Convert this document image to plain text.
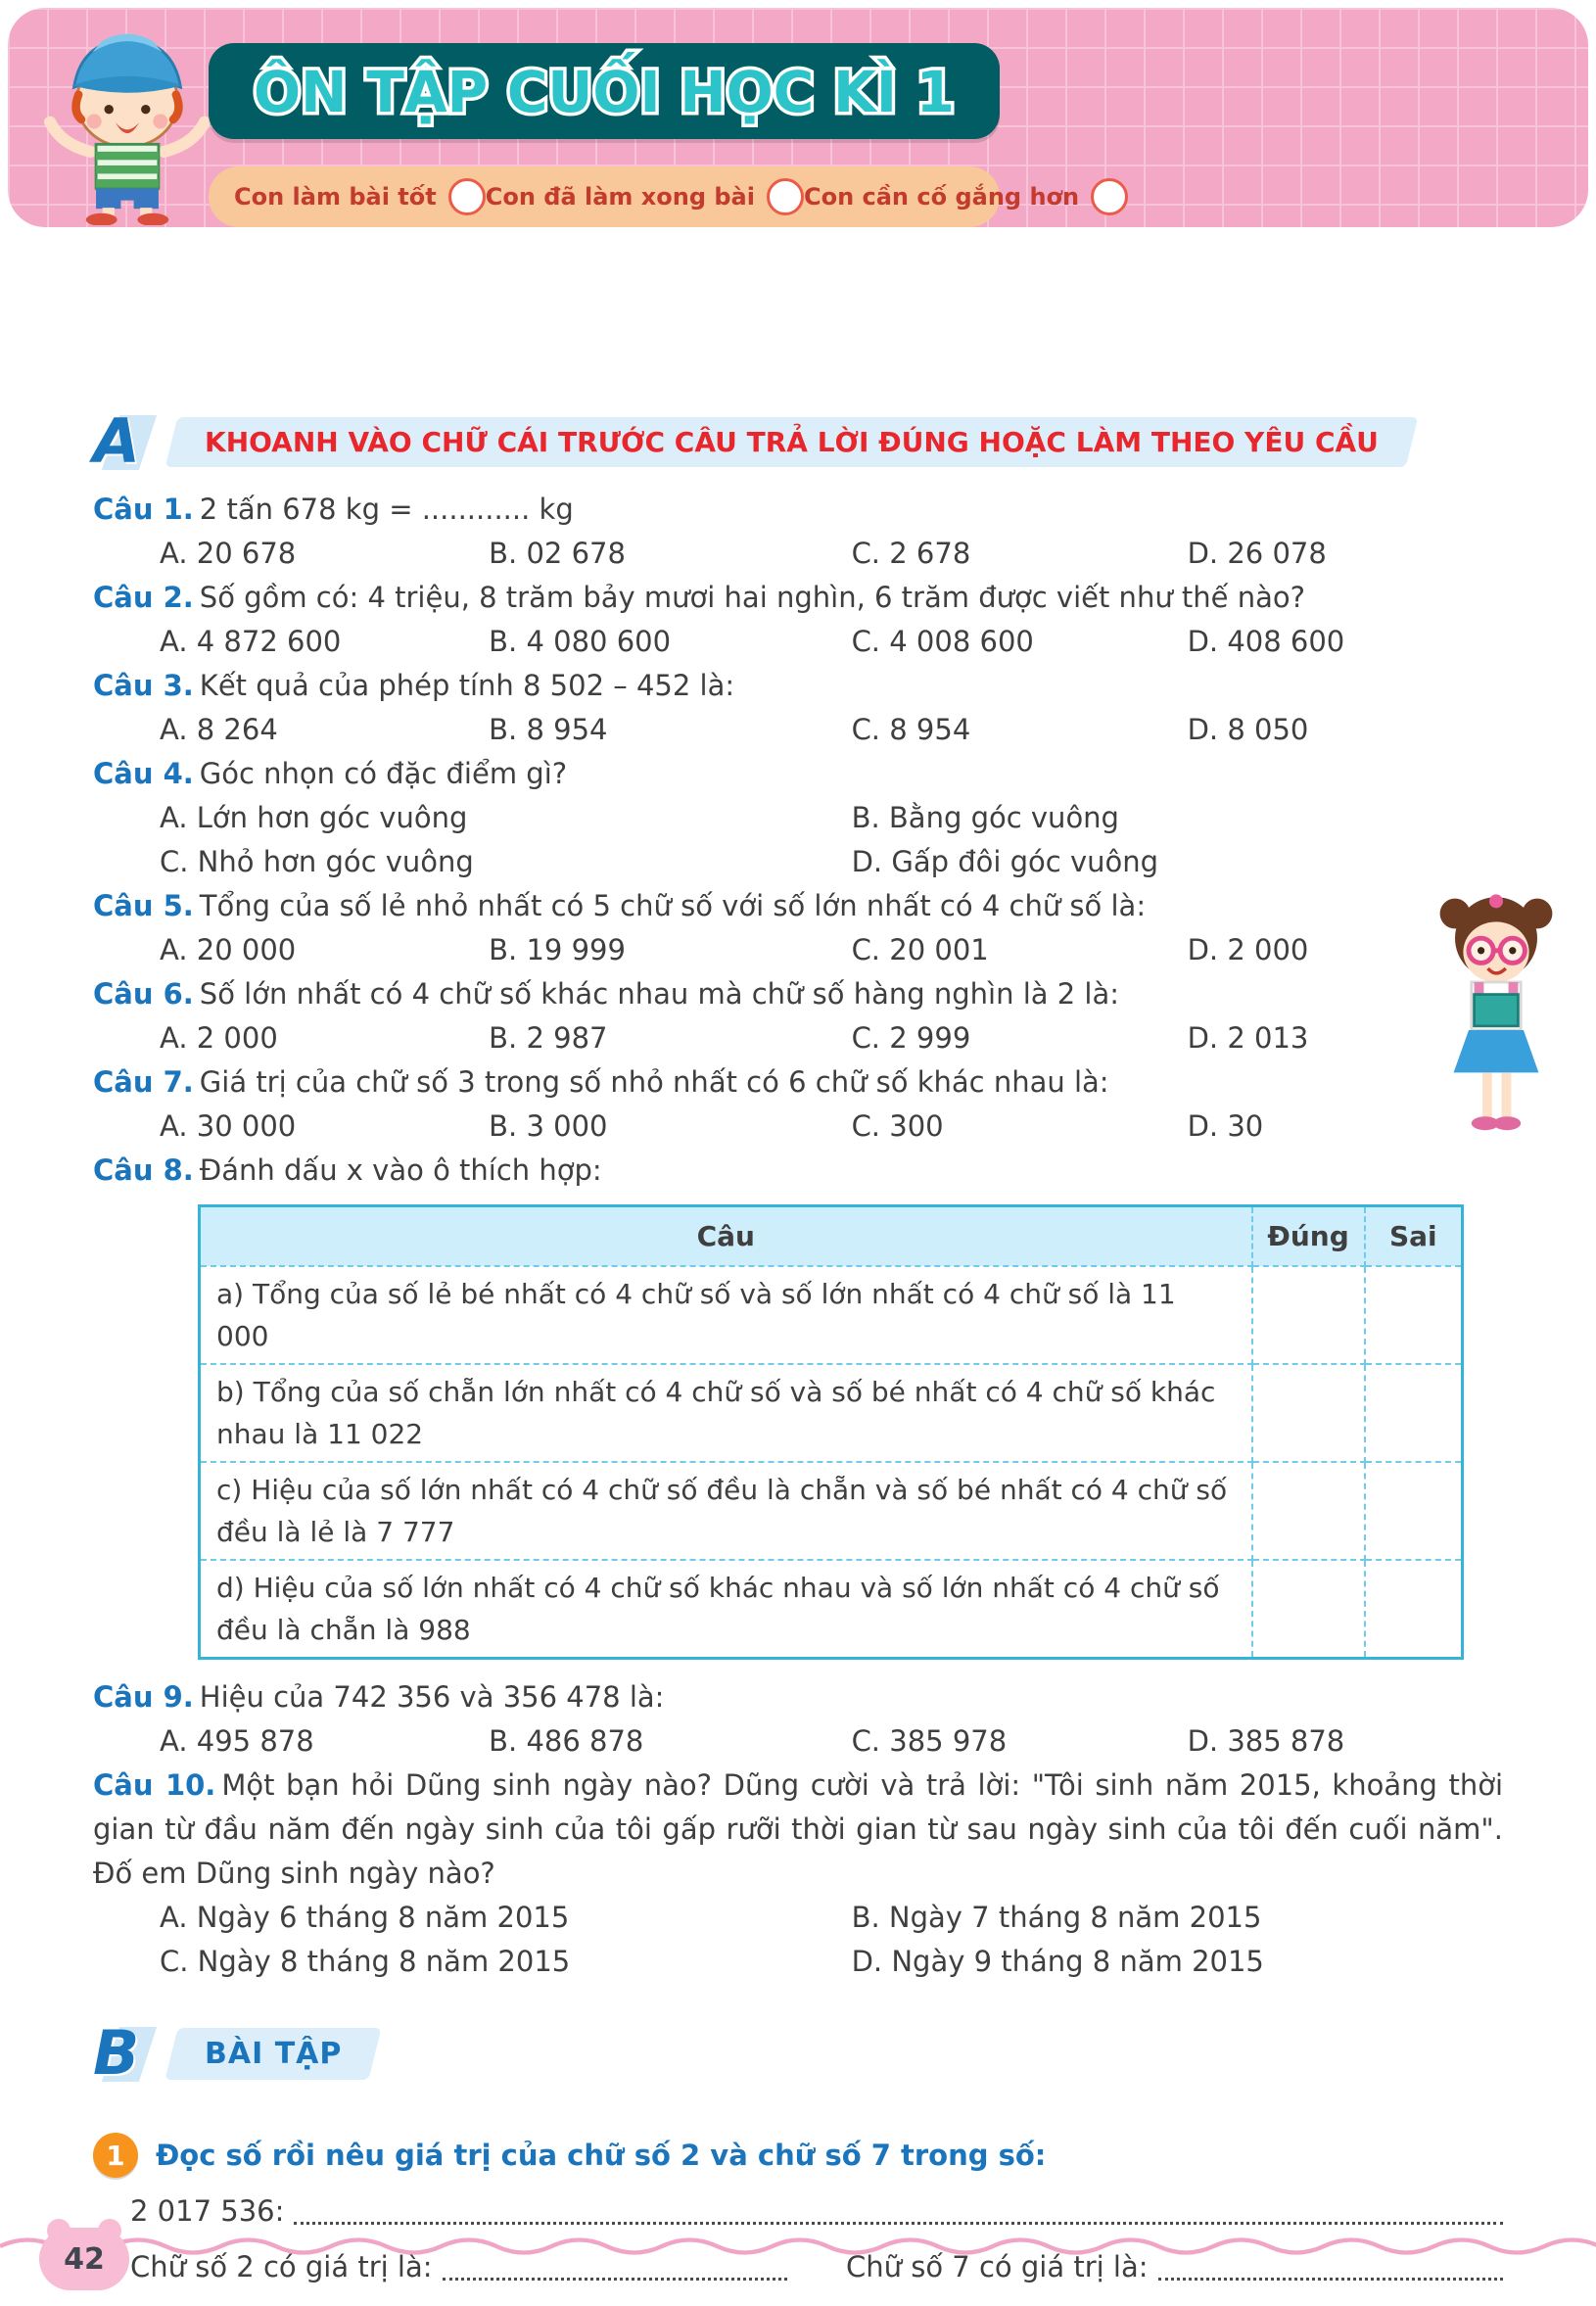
ÔN TẬP CUỐI HỌC KÌ 1
Con làm bài tốt Con đã làm xong bài Con cần cố gắng hơn
A	KHOANH VÀO CHỮ CÁI TRƯỚC CÂU TRẢ LỜI ĐÚNG HOẶC LÀM THEO YÊU CẦU

Câu 1. 2 tấn 678 kg = ............ kg

A. 20 678	B. 02 678	C. 2 678	D. 26 078

Câu 2. Số gồm có: 4 triệu, 8 trăm bảy mươi hai nghìn, 6 trăm được viết như thế nào?

A. 4 872 600	B. 4 080 600	C. 4 008 600	D. 408 600

Câu 3. Kết quả của phép tính 8 502 – 452 là:

A. 8 264	B. 8 954	C. 8 954	D. 8 050

Câu 4. Góc nhọn có đặc điểm gì?

A. Lớn hơn góc vuông	B. Bằng góc vuông
C. Nhỏ hơn góc vuông	D. Gấp đôi góc vuông

Câu 5. Tổng của số lẻ nhỏ nhất có 5 chữ số với số lớn nhất có 4 chữ số là:

A. 20 000	B. 19 999	C. 20 001	D. 2 000

Câu 6. Số lớn nhất có 4 chữ số khác nhau mà chữ số hàng nghìn là 2 là:

A. 2 000	B. 2 987	C. 2 999	D. 2 013

Câu 7. Giá trị của chữ số 3 trong số nhỏ nhất có 6 chữ số khác nhau là:

A. 30 000	B. 3 000	C. 300	D. 30

Câu 8. Đánh dấu x vào ô thích hợp:

Câu	Đúng	Sai
a) Tổng của số lẻ bé nhất có 4 chữ số và số lớn nhất có 4 chữ số là 11 000		
b) Tổng của số chẵn lớn nhất có 4 chữ số và số bé nhất có 4 chữ số khác nhau là 11 022		
c) Hiệu của số lớn nhất có 4 chữ số đều là chẵn và số bé nhất có 4 chữ số đều là lẻ là 7 777		
d) Hiệu của số lớn nhất có 4 chữ số khác nhau và số lớn nhất có 4 chữ số đều là chẵn là 988		

Câu 9. Hiệu của 742 356 và 356 478 là:

A. 495 878	B. 486 878	C. 385 978	D. 385 878

Câu 10. Một bạn hỏi Dũng sinh ngày nào? Dũng cười và trả lời: "Tôi sinh năm 2015, khoảng thời gian từ đầu năm đến ngày sinh của tôi gấp rưỡi thời gian từ sau ngày sinh của tôi đến cuối năm". Đố em Dũng sinh ngày nào?

A. Ngày 6 tháng 8 năm 2015	B. Ngày 7 tháng 8 năm 2015
C. Ngày 8 tháng 8 năm 2015	D. Ngày 9 tháng 8 năm 2015
B	BÀI TẬP
1	Đọc số rồi nêu giá trị của chữ số 2 và chữ số 7 trong số:
2 017 536:
Chữ số 2 có giá trị là:	Chữ số 7 có giá trị là:
42
